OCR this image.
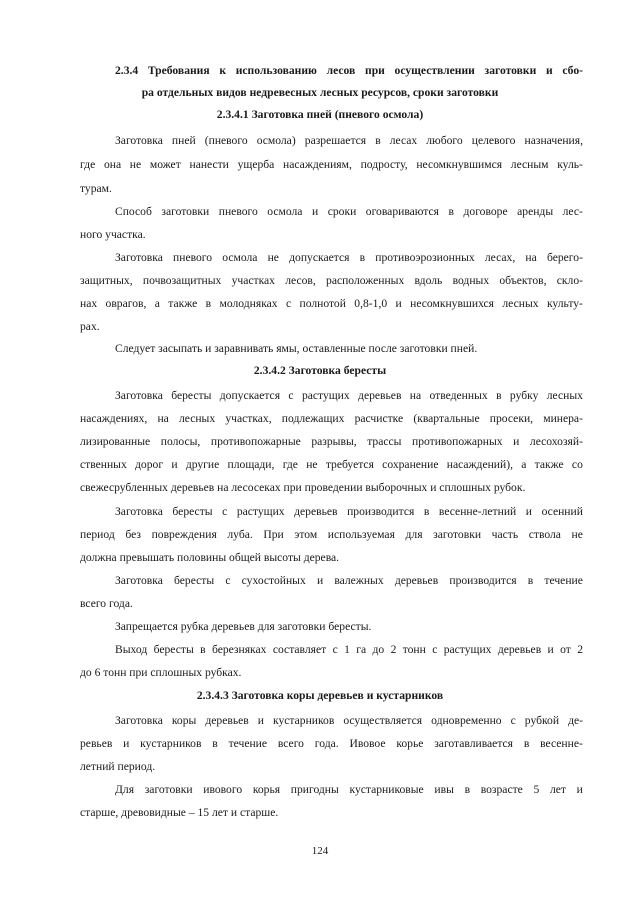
2.3.4 Требования к использованию лесов при осуществлении заготовки и сбо-
ра отдельных видов недревесных лесных ресурсов, сроки заготовки
2.3.4.1 Заготовка пней (пневого осмола)
Заготовка пней (пневого осмола) разрешается в лесах любого целевого назначения,
где она не может нанести ущерба насаждениям, подросту, несомкнувшимся лесным куль-
турам.
Способ заготовки пневого осмола и сроки оговариваются в договоре аренды лес-
ного участка.
Заготовка пневого осмола не допускается в противоэрозионных лесах, на берего-
защитных, почвозащитных участках лесов, расположенных вдоль водных объектов, скло-
нах оврагов, а также в молодняках с полнотой 0,8-1,0 и несомкнувшихся лесных культу-
рах.
Следует засыпать и заравнивать ямы, оставленные после заготовки пней.
2.3.4.2 Заготовка бересты
Заготовка бересты допускается с растущих деревьев на отведенных в рубку лесных
насаждениях, на лесных участках, подлежащих расчистке (квартальные просеки, минера-
лизированные полосы, противопожарные разрывы, трассы противопожарных и лесохозяй-
ственных дорог и другие площади, где не требуется сохранение насаждений), а также со
свежесрубленных деревьев на лесосеках при проведении выборочных и сплошных рубок.
Заготовка бересты с растущих деревьев производится в весенне-летний и осенний
период без повреждения луба. При этом используемая для заготовки часть ствола не
должна превышать половины общей высоты дерева.
Заготовка бересты с сухостойных и валежных деревьев производится в течение
всего года.
Запрещается рубка деревьев для заготовки бересты.
Выход бересты в березняках составляет с 1 га до 2 тонн с растущих деревьев и от 2
до 6 тонн при сплошных рубках.
2.3.4.3 Заготовка коры деревьев и кустарников
Заготовка коры деревьев и кустарников осуществляется одновременно с рубкой де-
ревьев и кустарников в течение всего года. Ивовое корье заготавливается в весенне-
летний период.
Для заготовки ивового корья пригодны кустарниковые ивы в возрасте 5 лет и
старше, древовидные – 15 лет и старше.
124
